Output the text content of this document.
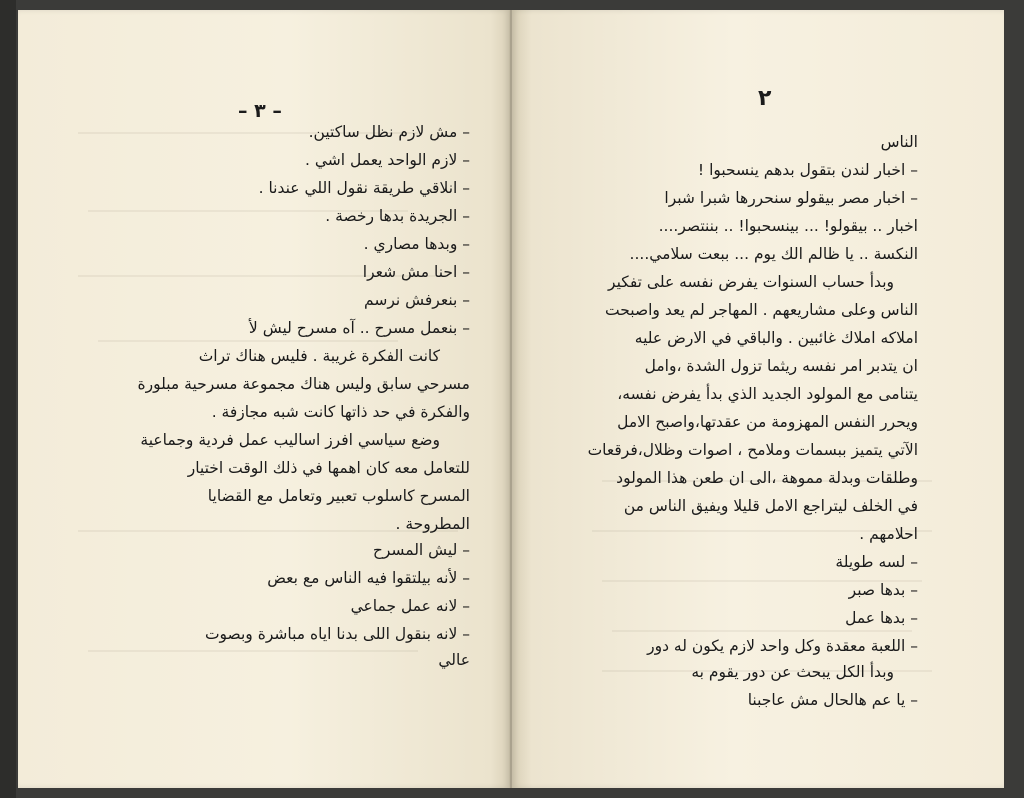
– ٣ –
– مش لازم نظل ساكتين.
– لازم الواحد يعمل اشي .
– انلاقي طريقة نقول اللي عندنا .
– الجريدة بدها رخصة .
– وبدها مصاري .
– احنا مش شعرا
– بنعرفش نرسم
– بنعمل مسرح .. آه مسرح ليش لأ
كانت الفكرة غريبة . فليس هناك تراث
مسرحي سابق وليس هناك مجموعة مسرحية مبلورة
والفكرة في حد ذاتها كانت شبه مجازفة .
وضع سياسي افرز اساليب عمل فردية وجماعية
للتعامل معه كان اهمها في ذلك الوقت اختيار
المسرح كاسلوب تعبير وتعامل مع القضايا
المطروحة .
– ليش المسرح
– لأنه بيلتقوا فيه الناس مع بعض
– لانه عمل جماعي
– لانه بنقول اللى بدنا اياه مباشرة وبصوت
عالي
٢
الناس
– اخبار لندن بتقول بدهم ينسحبوا !
– اخبار مصر بيقولو سنحررها شبرا شبرا
اخبار .. بيقولو! ... بينسحبوا! .. بننتصر....
النكسة .. يا ظالم الك يوم ... ببعت سلامي....
وبدأ حساب السنوات يفرض نفسه على تفكير
الناس وعلى مشاريعهم . المهاجر لم يعد واصبحت
املاكه املاك غائبين . والباقي في الارض عليه
ان يتدبر امر نفسه ريثما تزول الشدة ،وامل
يتنامى مع المولود الجديد الذي بدأ يفرض نفسه،
ويحرر النفس المهزومة من عقدتها،واصبح الامل
الآتي يتميز ببسمات وملامح ، اصوات وظلال،فرقعات
وطلقات وبدلة مموهة ،الى ان طعن هذا المولود
في الخلف ليتراجع الامل قليلا ويفيق الناس من
احلامهم .
– لسه طويلة
– بدها صبر
– بدها عمل
– اللعبة معقدة وكل واحد لازم يكون له دور
وبدأ الكل يبحث عن دور يقوم به
– يا عم هالحال مش عاجبنا
